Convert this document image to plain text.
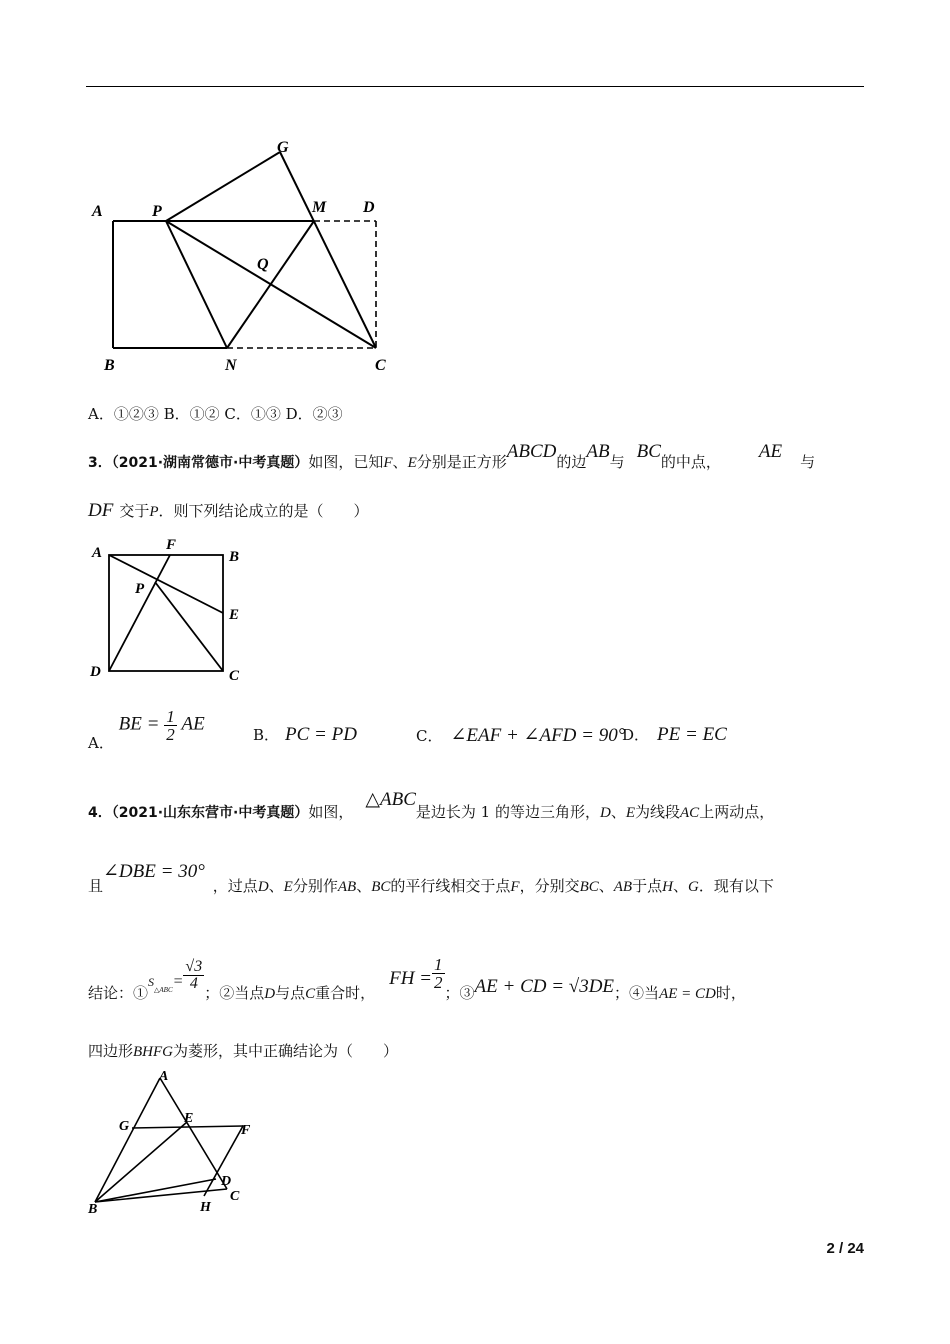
A	P
G
M D
Q
B	N	C
A．①②③ B．①② C．①③ D．②③
3．（2021·湖南常德市·中考真题）如图，已知F、E分别是正方形ABCD的边AB与 BC的中点， AE 与
DF 交于P．则下列结论成立的是（　　）
A	F
B
P
E
D	C
A． BE = $\frac{1}{2}$ AE
B． PC = PD	C． ∠EAF + ∠AFD = 90°
D． PE = EC
4．（2021·山东东营市·中考真题）如图，△ABC是边长为 1 的等边三角形，D、E为线段AC上两动点，
且∠DBE = 30°，过点D、E分别作AB、BC的平行线相交于点F，分别交BC、AB于点H、G．现有以下
结论：$①_{S\triangle ABC}= \frac{√3}{4}$
；②当点D与点C重合时，FH = $\frac{1}{2}$
；③AE + CD = √3DE；④当AE = CD时，
四边形BHFG为菱形，其中正确结论为（　　）
A
G
E
F
D
B	H
C
2 / 24
